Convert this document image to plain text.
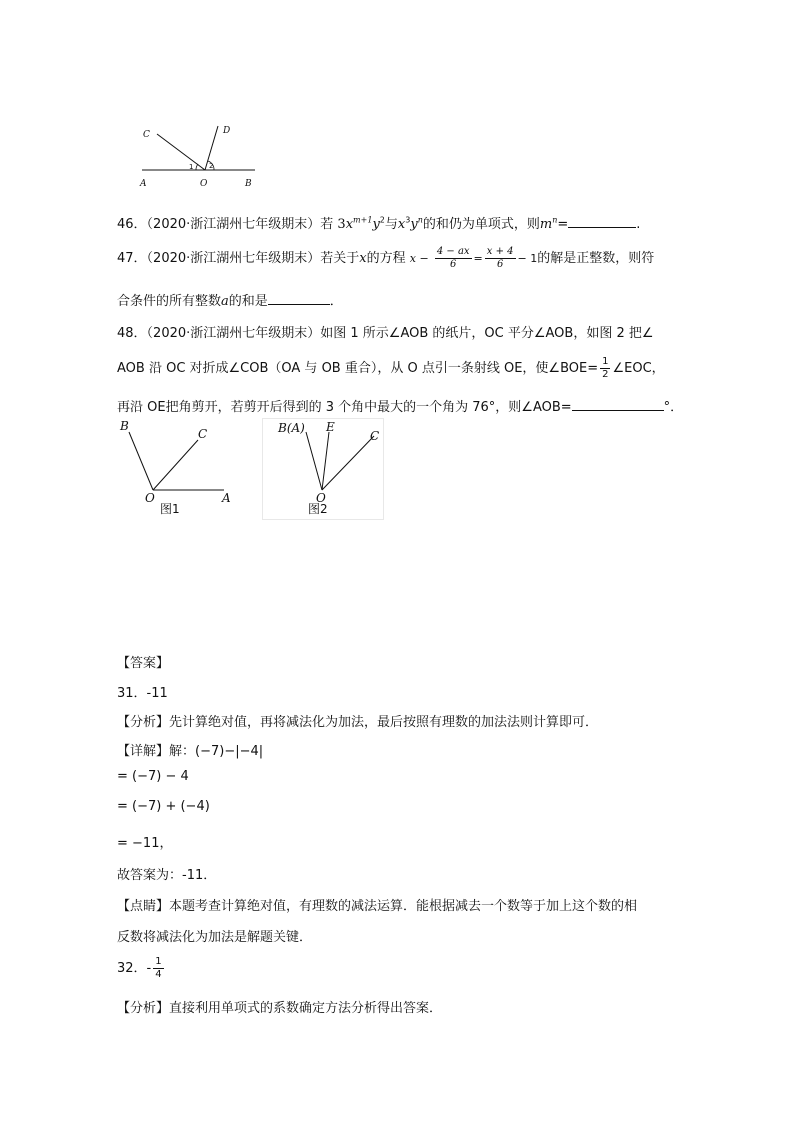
C	D
A	O	B
1 2
46．（2020·浙江湖州七年级期末）若 $3x^{m+1}y^2$与$x^3y^n$的和仍为单项式，则$m^n=$	.
47．（2020·浙江湖州七年级期末）若关于x的方程 $x - \frac{4 - ax}{6} = \frac{x + 4}{6} - 1$的解是正整数，则符
合条件的所有整数a的和是	．
48．（2020·浙江湖州七年级期末）如图 1 所示∠AOB 的纸片，OC 平分∠AOB，如图 2 把∠
AOB 沿 OC 对折成∠COB（OA 与 OB 重合），从 O 点引一条射线 OE，使∠BOE= $\frac{1}{2}$ ∠EOC，
再沿 OE把角剪开，若剪开后得到的 3 个角中最大的一个角为 76°，则∠AOB=	°．
B
C
O	A
图1
B(A) E
C
O
图2
【答案】
31．-11
【分析】先计算绝对值，再将减法化为加法，最后按照有理数的加法法则计算即可．
【详解】解：(−7)−|−4|
= (−7) − 4
= (−7) + (−4)
= −11，
故答案为：-11．
【点睛】本题考查计算绝对值，有理数的减法运算．能根据减去一个数等于加上这个数的相
反数将减法化为加法是解题关键．
32．- $\frac{1}{4}$
【分析】直接利用单项式的系数确定方法分析得出答案．
